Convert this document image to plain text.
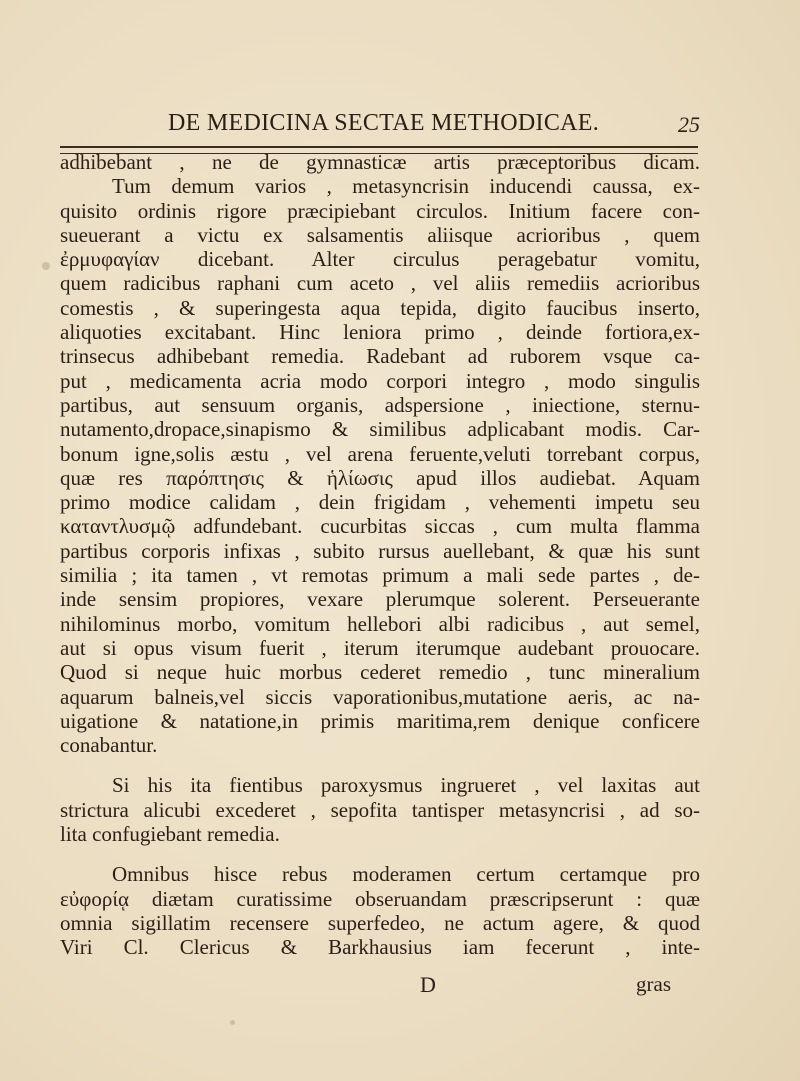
DE MEDICINA SECTAE METHODICAE.	25
adhibebant , ne de gymnasticæ artis præceptoribus dicam.
Tum demum varios , metasyncrisin inducendi caussa, ex-
quisito ordinis rigore præcipiebant circulos. Initium facere con-
sueuerant a victu ex salsamentis aliisque acrioribus , quem
ἐρμυφαγίαν dicebant. Alter circulus peragebatur vomitu,
quem radicibus raphani cum aceto , vel aliis remediis acrioribus
comestis , & superingesta aqua tepida, digito faucibus inserto,
aliquoties excitabant. Hinc leniora primo , deinde fortiora,ex-
trinsecus adhibebant remedia. Radebant ad ruborem vsque ca-
put , medicamenta acria modo corpori integro , modo singulis
partibus, aut sensuum organis, adspersione , iniectione, sternu-
nutamento,dropace,sinapismo & similibus adplicabant modis. Car-
bonum igne,solis æstu , vel arena feruente,veluti torrebant corpus,
quæ res παρόπτησις & ἡλίωσις apud illos audiebat. Aquam
primo modice calidam , dein frigidam , vehementi impetu seu
καταντλυσμῷ adfundebant. cucurbitas siccas , cum multa flamma
partibus corporis infixas , subito rursus auellebant, & quæ his sunt
similia ; ita tamen , vt remotas primum a mali sede partes , de-
inde sensim propiores, vexare plerumque solerent. Perseuerante
nihilominus morbo, vomitum hellebori albi radicibus , aut semel,
aut si opus visum fuerit , iterum iterumque audebant prouocare.
Quod si neque huic morbus cederet remedio , tunc mineralium
aquarum balneis,vel siccis vaporationibus,mutatione aeris, ac na-
uigatione & natatione,in primis maritima,rem denique conficere
conabantur.
Si his ita fientibus paroxysmus ingrueret , vel laxitas aut
strictura alicubi excederet , sepofita tantisper metasyncrisi , ad so-
lita confugiebant remedia.
Omnibus hisce rebus moderamen certum certamque pro
εὐφορίᾳ diætam curatissime obseruandam præscripserunt : quæ
omnia sigillatim recensere superfedeo, ne actum agere, & quod
Viri Cl. Clericus & Barkhausius iam fecerunt , inte-
D	gras
